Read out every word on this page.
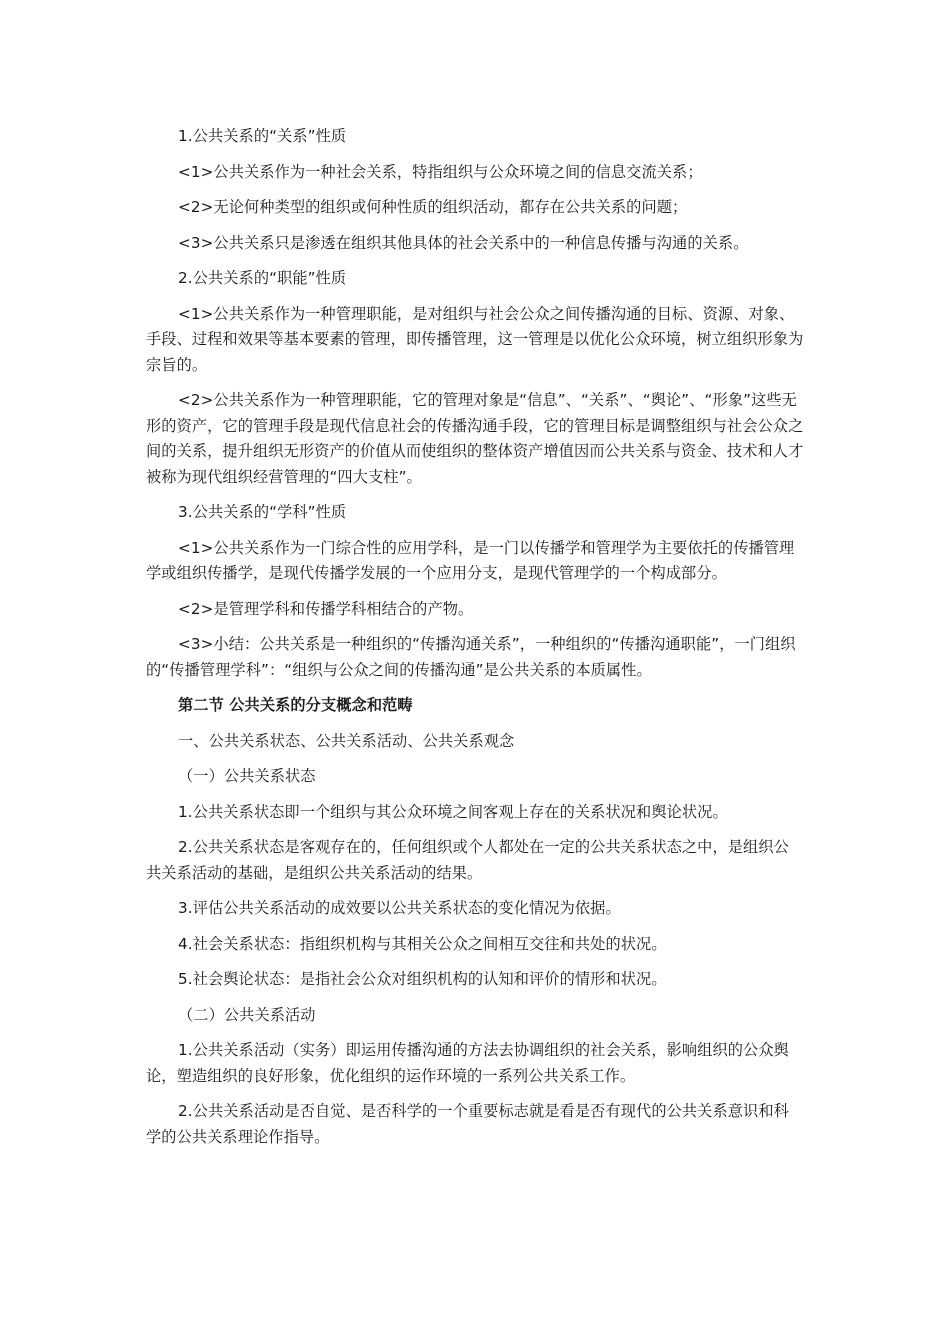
1.公共关系的“关系”性质

<1>公共关系作为一种社会关系，特指组织与公众环境之间的信息交流关系；

<2>无论何种类型的组织或何种性质的组织活动，都存在公共关系的问题；

<3>公共关系只是渗透在组织其他具体的社会关系中的一种信息传播与沟通的关系。

2.公共关系的“职能”性质

<1>公共关系作为一种管理职能，是对组织与社会公众之间传播沟通的目标、资源、对象、手段、过程和效果等基本要素的管理，即传播管理，这一管理是以优化公众环境，树立组织形象为宗旨的。

<2>公共关系作为一种管理职能，它的管理对象是“信息”、“关系”、“舆论”、“形象”这些无形的资产，它的管理手段是现代信息社会的传播沟通手段，它的管理目标是调整组织与社会公众之间的关系，提升组织无形资产的价值从而使组织的整体资产增值因而公共关系与资金、技术和人才被称为现代组织经营管理的“四大支柱”。

3.公共关系的“学科”性质

<1>公共关系作为一门综合性的应用学科，是一门以传播学和管理学为主要依托的传播管理学或组织传播学，是现代传播学发展的一个应用分支，是现代管理学的一个构成部分。

<2>是管理学科和传播学科相结合的产物。

<3>小结：公共关系是一种组织的“传播沟通关系”，一种组织的“传播沟通职能”，一门组织的“传播管理学科”：“组织与公众之间的传播沟通”是公共关系的本质属性。

第二节 公共关系的分支概念和范畴

一、公共关系状态、公共关系活动、公共关系观念

（一）公共关系状态

1.公共关系状态即一个组织与其公众环境之间客观上存在的关系状况和舆论状况。

2.公共关系状态是客观存在的，任何组织或个人都处在一定的公共关系状态之中，是组织公共关系活动的基础，是组织公共关系活动的结果。

3.评估公共关系活动的成效要以公共关系状态的变化情况为依据。

4.社会关系状态：指组织机构与其相关公众之间相互交往和共处的状况。

5.社会舆论状态：是指社会公众对组织机构的认知和评价的情形和状况。

（二）公共关系活动

1.公共关系活动（实务）即运用传播沟通的方法去协调组织的社会关系，影响组织的公众舆论，塑造组织的良好形象，优化组织的运作环境的一系列公共关系工作。

2.公共关系活动是否自觉、是否科学的一个重要标志就是看是否有现代的公共关系意识和科学的公共关系理论作指导。
